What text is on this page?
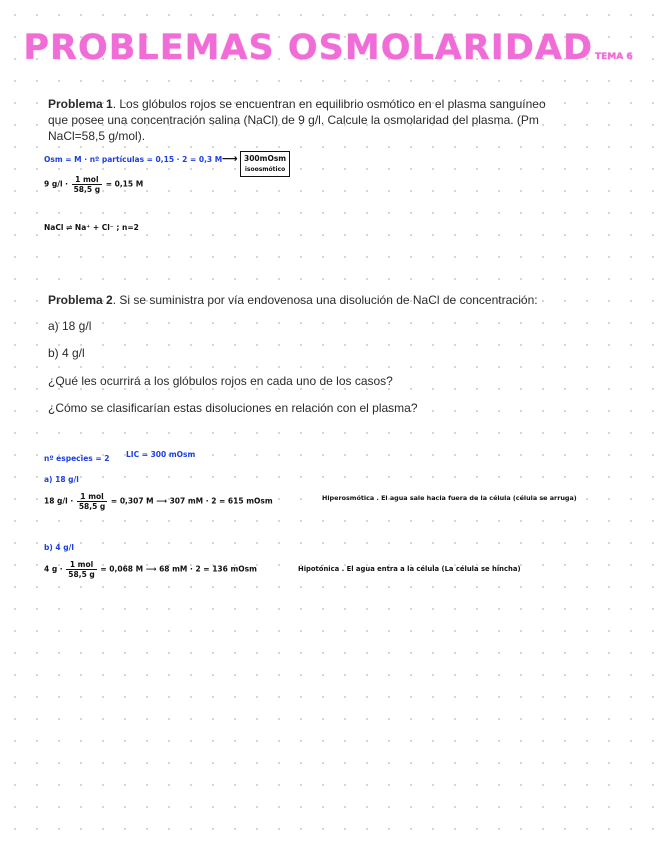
PROBLEMAS OSMOLARIDAD TEMA 6
Problema 1. Los glóbulos rojos se encuentran en equilibrio osmótico en el plasma sanguíneo que posee una concentración salina (NaCl) de 9 g/l. Calcule la osmolaridad del plasma. (Pm NaCl=58,5 g/mol).
Osm = M · nº partículas = 0,15 · 2 = 0,3 M ⟶ 300mOsm
isoosmótico
9 $g/l \cdot \frac{\text{1 mol}}{58,5 g} = 0,15$ M
NaCl ⇌ Na⁺ + Cl⁻ ; n=2
Problema 2. Si se suministra por vía endovenosa una disolución de NaCl de concentración:
a) 18 g/l
b) 4 g/l
¿Qué les ocurrirá a los glóbulos rojos en cada uno de los casos?
¿Cómo se clasificarían estas disoluciones en relación con el plasma?
nº especies = 2 LIC = 300 mOsm
a) 18 g/l
18 $g/l \cdot \frac{\text{1 mol}}{58,5 g} = 0,307$ M ⟶ 307 mM · 2 = 615 mOsm	Hiperosmótica . El agua sale hacia fuera de la célula (célula se arruga)
b) 4 g/l
4 $g \cdot \frac{\text{1 mol}}{58,5 g} = 0,068$ M ⟶ 68 mM · 2 = 136 mOsm	Hipotónica . El agua entra a la célula (La célula se hincha)
